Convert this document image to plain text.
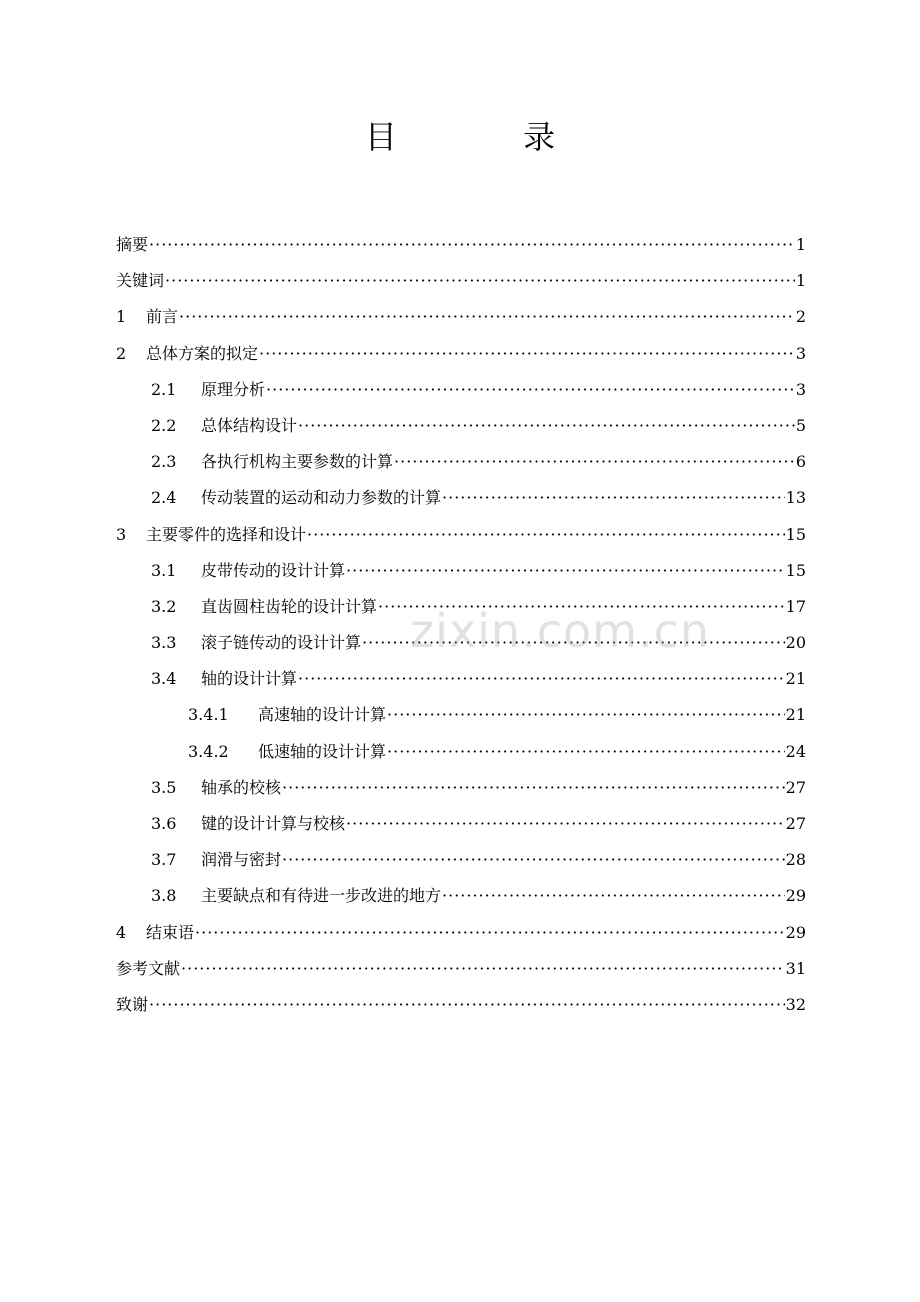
目 录
摘要 ·····	1
关键词 ·····	1
1	前言 ·····	2
2	总体方案的拟定 ·····	3
2.1	原理分析 ·····	3
2.2	总体结构设计 ·····	5
2.3	各执行机构主要参数的计算 ·····	6
2.4	传动装置的运动和动力参数的计算 ·····	13
3	主要零件的选择和设计 ·····	15
3.1	皮带传动的设计计算 ·····	15
3.2	直齿圆柱齿轮的设计计算 ·····	17
3.3	滚子链传动的设计计算 ·····	20
3.4	轴的设计计算 ·····	21
3.4.1	高速轴的设计计算 ·····	21
3.4.2	低速轴的设计计算 ·····	24
3.5	轴承的校核 ·····	27
3.6	键的设计计算与校核 ·····	27
3.7	润滑与密封 ·····	28
3.8	主要缺点和有待进一步改进的地方 ·····	29
4	结束语 ·····	29
参考文献 ·····	31
致谢 ·····	32
zixin.com.cn
